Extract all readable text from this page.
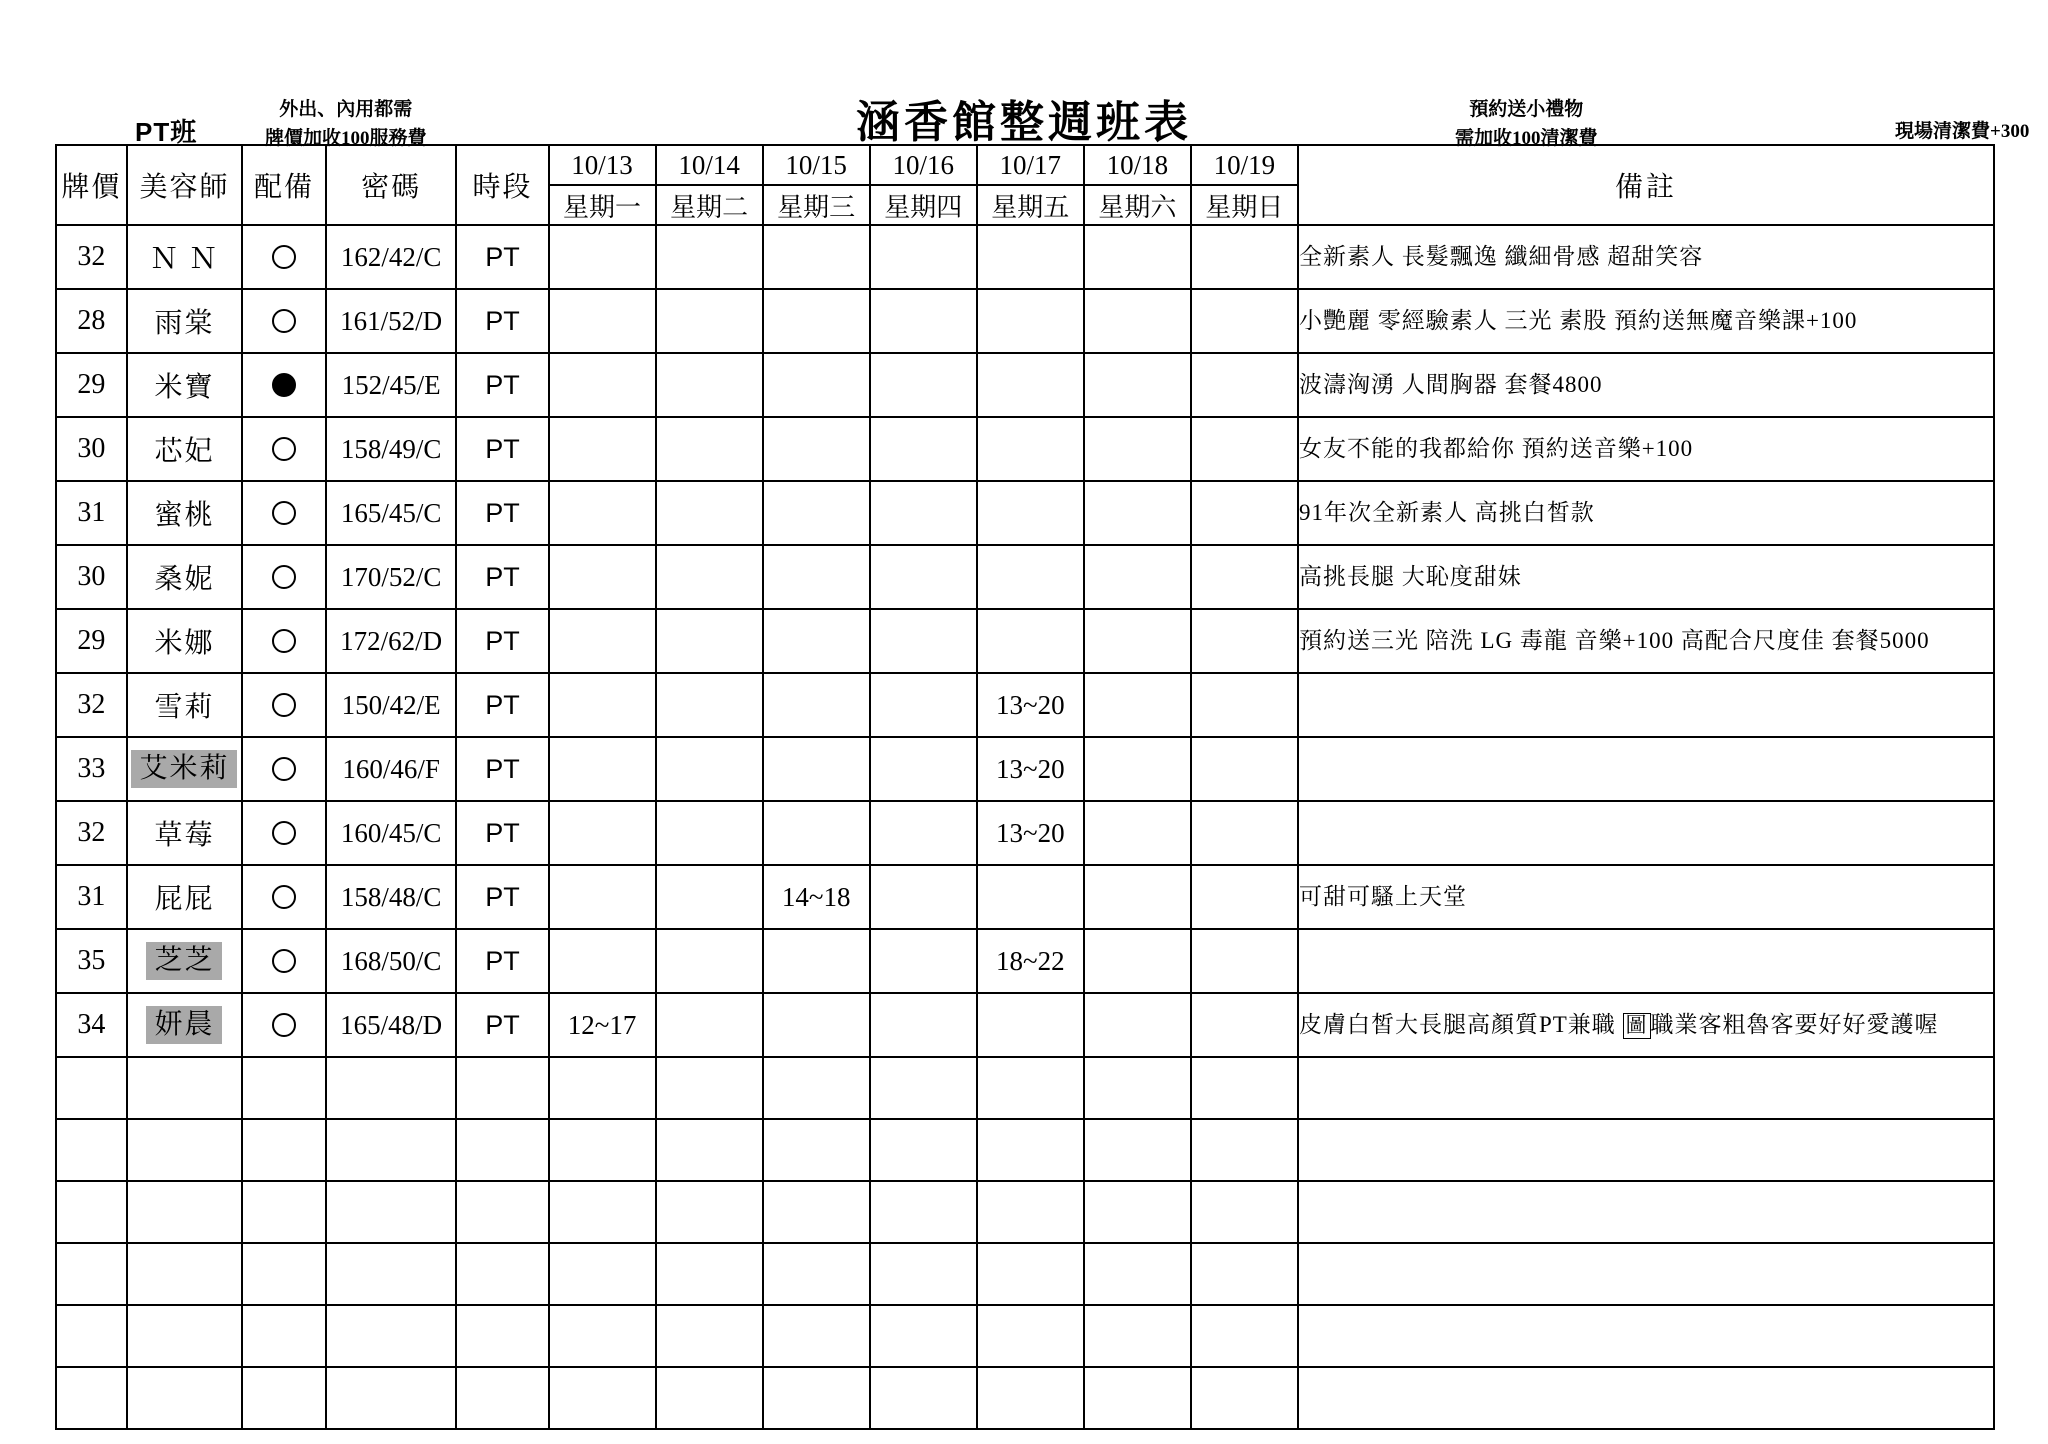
PT班
外出、內用都需
牌價加收100服務費	涵香館整週班表	預約送小禮物
需加收100清潔費	現場清潔費+300
牌價	美容師	配備	密碼	時段	10/13	10/14	10/15	10/16	10/17	10/18	10/19	備註
					星期一	星期二	星期三	星期四	星期五	星期六	星期日	
32	Ｎ Ｎ		162/42/C	PT								全新素人 長髮飄逸 纖細骨感 超甜笑容
28	雨棠		161/52/D	PT								小艷麗 零經驗素人 三光 素股 預約送無魔音樂課+100
29	米寶		152/45/E	PT								波濤洶湧 人間胸器 套餐4800
30	芯妃		158/49/C	PT								女友不能的我都給你 預約送音樂+100
31	蜜桃		165/45/C	PT								91年次全新素人 高挑白皙款
30	桑妮		170/52/C	PT								高挑長腿 大恥度甜妹
29	米娜		172/62/D	PT								預約送三光 陪洗 LG 毒龍 音樂+100 高配合尺度佳 套餐5000
32	雪莉		150/42/E	PT					13~20			
33	艾米莉		160/46/F	PT					13~20			
32	草莓		160/45/C	PT					13~20			
31	屁屁		158/48/C	PT			14~18					可甜可騷上天堂
35	芝芝		168/50/C	PT					18~22			
34	妍晨		165/48/D	PT	12~17							皮膚白皙大長腿高顏質PT兼職 圖 職業客粗魯客要好好愛護喔
